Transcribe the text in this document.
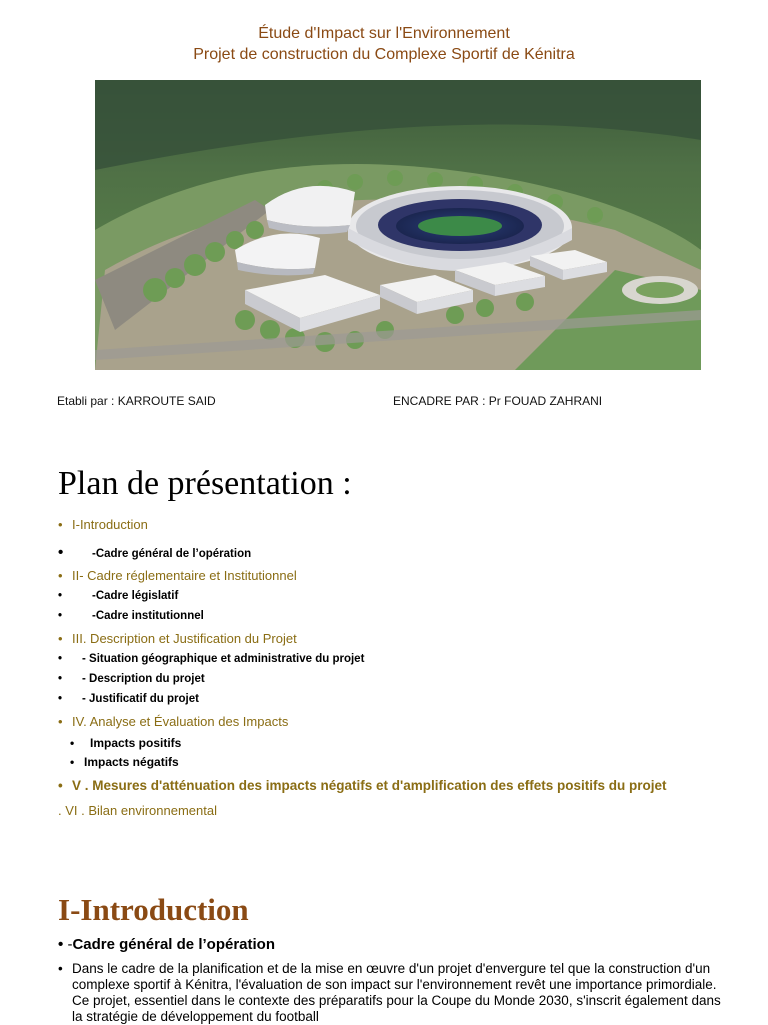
Étude d'Impact sur l'Environnement
Projet de construction du Complexe Sportif de Kénitra
Etabli par : KARROUTE SAID	ENCADRE PAR : Pr FOUAD ZAHRANI
Plan de présentation :
• I-Introduction
• -Cadre général de l’opération
• II- Cadre réglementaire et Institutionnel
•	-Cadre législatif
•	-Cadre institutionnel
• III. Description et Justification du Projet
• - Situation géographique et administrative du projet
• - Description du projet
• - Justificatif du projet
• IV. Analyse et Évaluation des Impacts
• Impacts positifs
• Impacts négatifs
• V . Mesures d'atténuation des impacts négatifs et d'amplification des effets positifs du projet
. VI . Bilan environnemental
I-Introduction
• -Cadre général de l’opération
• Dans le cadre de la planification et de la mise en œuvre d'un projet d'envergure tel que la construction d'un complexe sportif à Kénitra, l'évaluation de son impact sur l'environnement revêt une importance primordiale. Ce projet, essentiel dans le contexte des préparatifs pour la Coupe du Monde 2030, s'inscrit également dans la stratégie de développement du football
